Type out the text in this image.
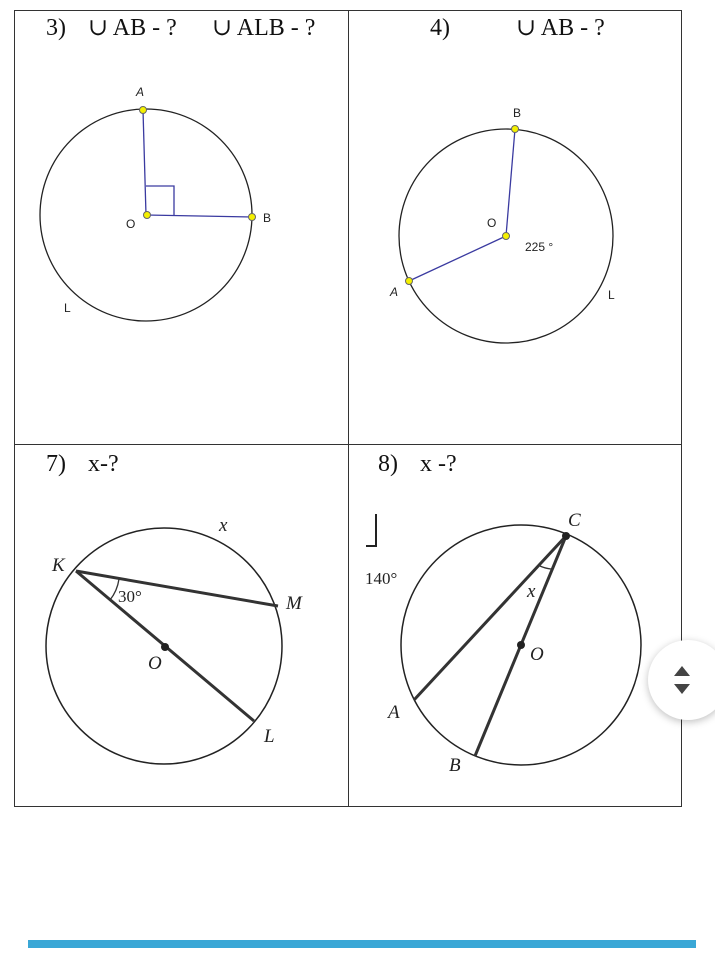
3) ∪ AB - ? ∪ ALB - ?	4)	∪ AB - ?
7) x-?	8) x -?
A
B
O
L
B
O
225 °
A	L
K
M
O
L
x
30°
C
A
B
O
x
140°
